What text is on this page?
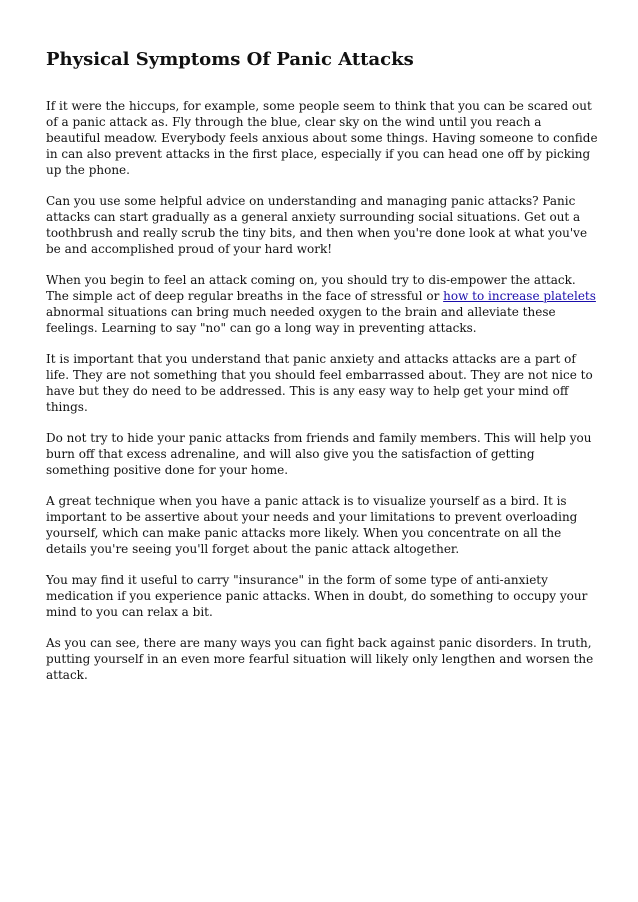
Physical Symptoms Of Panic Attacks

If it were the hiccups, for example, some people seem to think that you can be scared out of a panic attack as. Fly through the blue, clear sky on the wind until you reach a beautiful meadow. Everybody feels anxious about some things. Having someone to confide in can also prevent attacks in the first place, especially if you can head one off by picking up the phone.

Can you use some helpful advice on understanding and managing panic attacks? Panic attacks can start gradually as a general anxiety surrounding social situations. Get out a toothbrush and really scrub the tiny bits, and then when you're done look at what you've be and accomplished proud of your hard work!

When you begin to feel an attack coming on, you should try to dis-empower the attack. The simple act of deep regular breaths in the face of stressful or how to increase platelets abnormal situations can bring much needed oxygen to the brain and alleviate these feelings. Learning to say "no" can go a long way in preventing attacks.

It is important that you understand that panic anxiety and attacks attacks are a part of life. They are not something that you should feel embarrassed about. They are not nice to have but they do need to be addressed. This is any easy way to help get your mind off things.

Do not try to hide your panic attacks from friends and family members. This will help you burn off that excess adrenaline, and will also give you the satisfaction of getting something positive done for your home.

A great technique when you have a panic attack is to visualize yourself as a bird. It is important to be assertive about your needs and your limitations to prevent overloading yourself, which can make panic attacks more likely. When you concentrate on all the details you're seeing you'll forget about the panic attack altogether.

You may find it useful to carry "insurance" in the form of some type of anti-anxiety medication if you experience panic attacks. When in doubt, do something to occupy your mind to you can relax a bit.

As you can see, there are many ways you can fight back against panic disorders. In truth, putting yourself in an even more fearful situation will likely only lengthen and worsen the attack.
